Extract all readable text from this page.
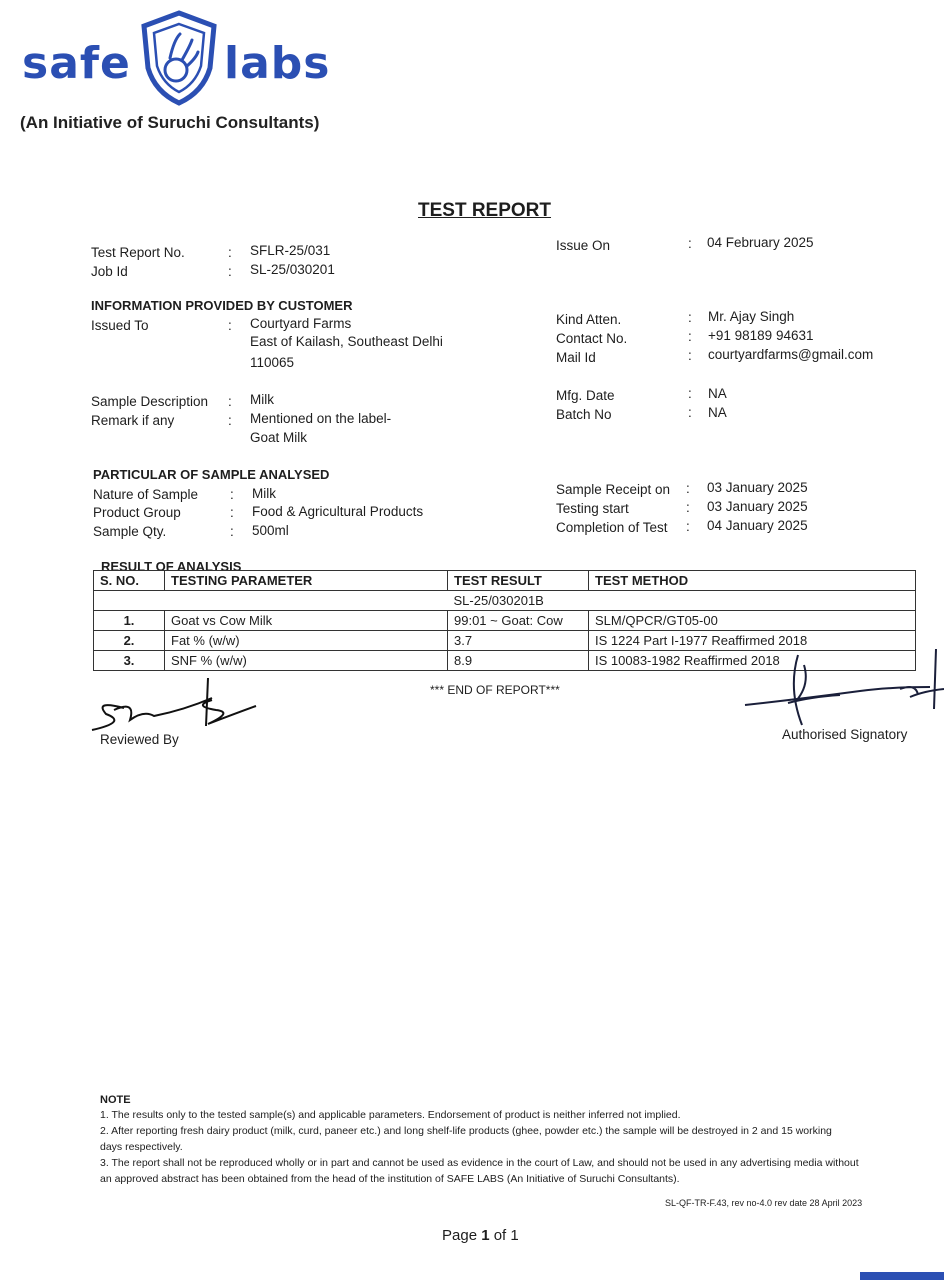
safe labs
(An Initiative of Suruchi Consultants)
TEST REPORT
Test Report No.	: SFLR-25/031
Job Id	: SL-25/030201
Issue On	: 04 February 2025
INFORMATION PROVIDED BY CUSTOMER
Issued To	: Courtyard Farms
East of Kailash, Southeast Delhi
110065
Kind Atten.	: Mr. Ajay Singh
Contact No.	: +91 98189 94631
Mail Id	: courtyardfarms@gmail.com
Sample Description : Milk
Remark if any	: Mentioned on the label-
Goat Milk
Mfg. Date	: NA
Batch No	: NA
PARTICULAR OF SAMPLE ANALYSED
Nature of Sample : Milk
Product Group	: Food & Agricultural Products
Sample Qty.	: 500ml
Sample Receipt on : 03 January 2025
Testing start	: 03 January 2025
Completion of Test : 04 January 2025
RESULT OF ANALYSIS
S. NO.	TESTING PARAMETER	TEST RESULT	TEST METHOD
		SL-25/030201B	
1.	Goat vs Cow Milk	99:01 ~ Goat: Cow	SLM/QPCR/GT05-00
2.	Fat % (w/w)	3.7	IS 1224 Part I-1977 Reaffirmed 2018
3.	SNF % (w/w)	8.9	IS 10083-1982 Reaffirmed 2018
*** END OF REPORT***
Reviewed By	Authorised Signatory
NOTE
1. The results only to the tested sample(s) and applicable parameters. Endorsement of product is neither inferred not implied.
2. After reporting fresh dairy product (milk, curd, paneer etc.) and long shelf-life products (ghee, powder etc.) the sample will be destroyed in 2 and 15 working
days respectively.
3. The report shall not be reproduced wholly or in part and cannot be used as evidence in the court of Law, and should not be used in any advertising media without
an approved abstract has been obtained from the head of the institution of SAFE LABS (An Initiative of Suruchi Consultants).
SL-QF-TR-F.43, rev no-4.0 rev date 28 April 2023
Page 1 of 1
